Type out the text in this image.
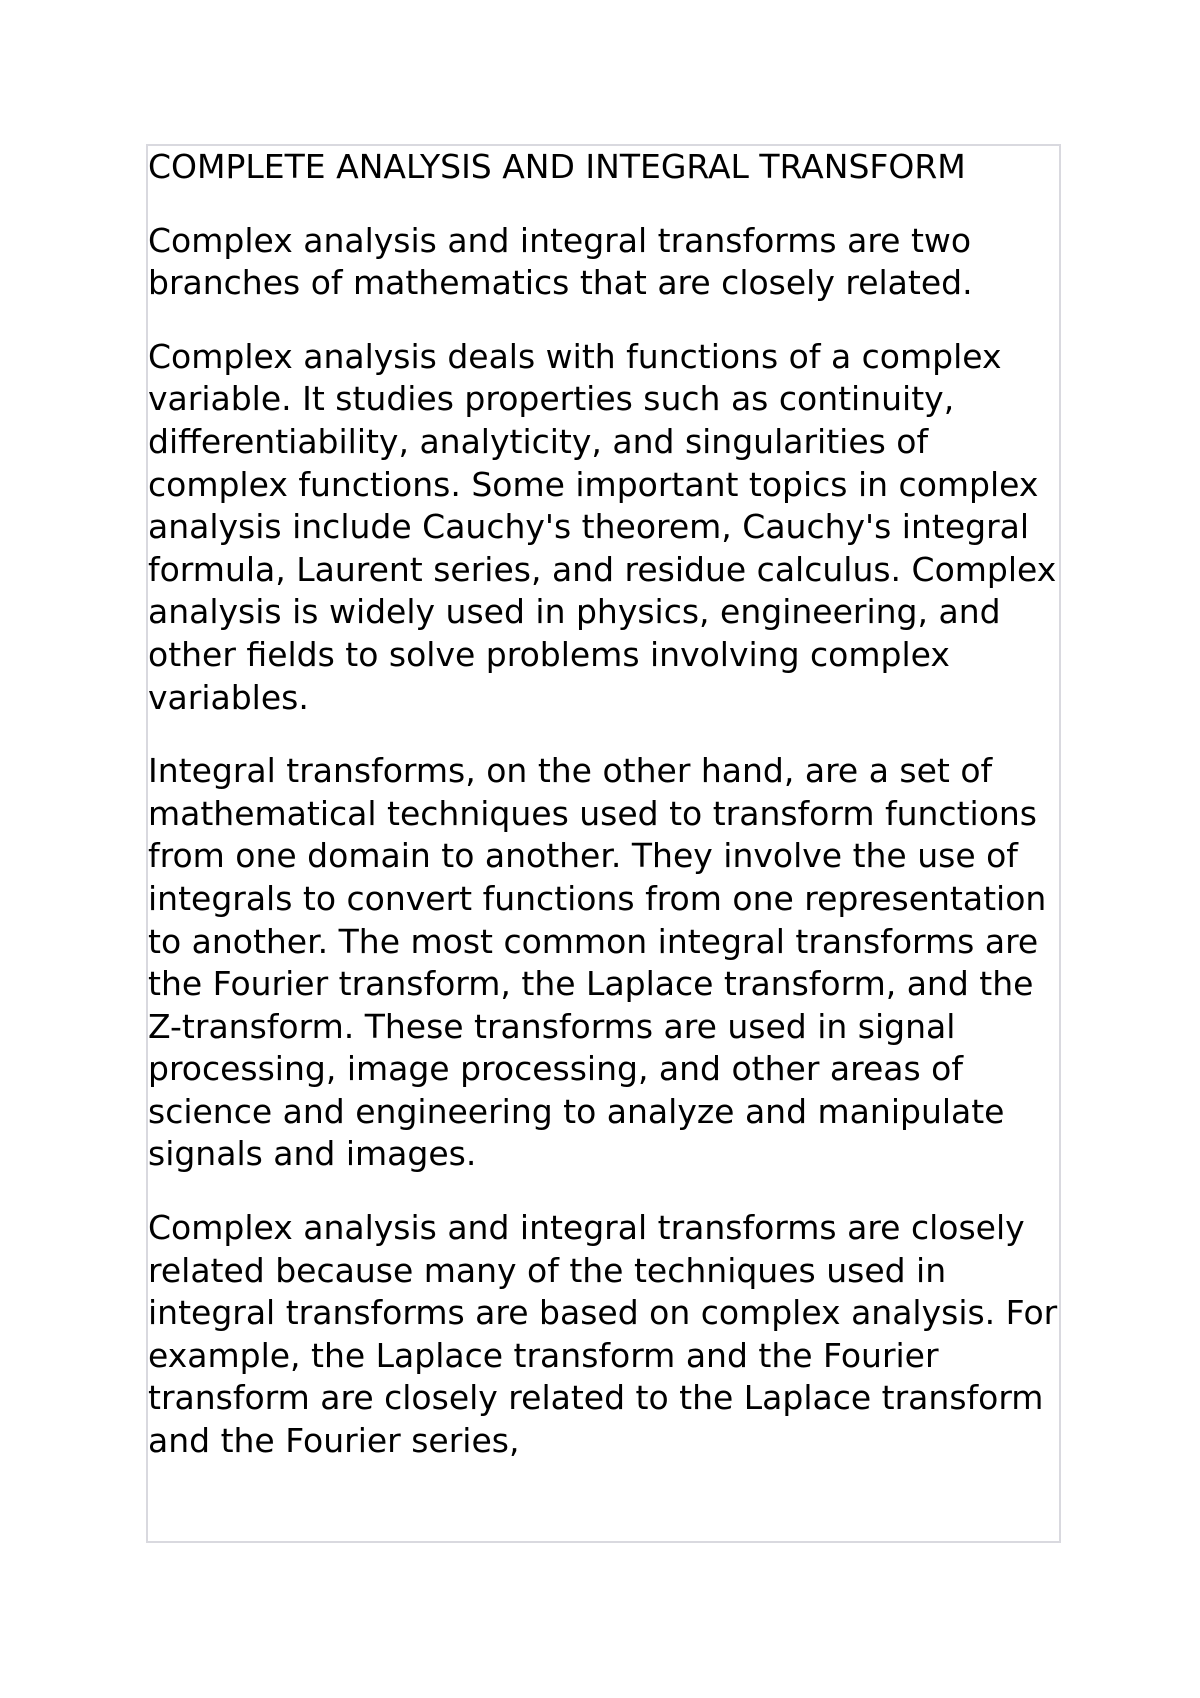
COMPLETE ANALYSIS AND INTEGRAL TRANSFORM

Complex analysis and integral transforms are two branches of mathematics that are closely related.

Complex analysis deals with functions of a complex variable. It studies properties such as continuity, differentiability, analyticity, and singularities of complex functions. Some important topics in complex analysis include Cauchy's theorem, Cauchy's integral formula, Laurent series, and residue calculus. Complex analysis is widely used in physics, engineering, and other fields to solve problems involving complex variables.

Integral transforms, on the other hand, are a set of mathematical techniques used to transform functions from one domain to another. They involve the use of integrals to convert functions from one representation to another. The most common integral transforms are the Fourier transform, the Laplace transform, and the Z-transform. These transforms are used in signal processing, image processing, and other areas of science and engineering to analyze and manipulate signals and images.

Complex analysis and integral transforms are closely related because many of the techniques used in integral transforms are based on complex analysis. For example, the Laplace transform and the Fourier transform are closely related to the Laplace transform and the Fourier series,
